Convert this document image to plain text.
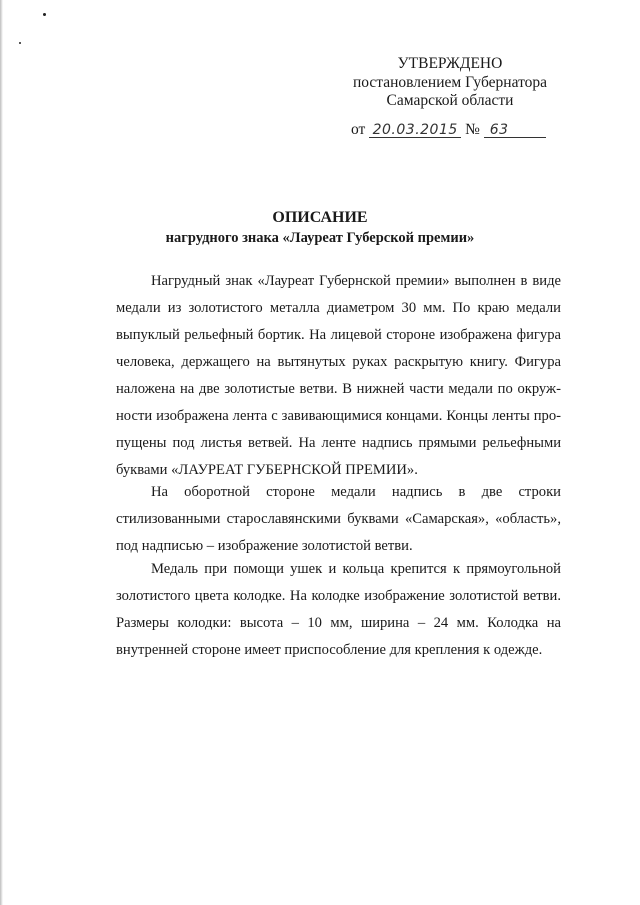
УТВЕРЖДЕНО
постановлением Губернатора
Самарской области
от 20.03.2015 № 63
ОПИСАНИЕ
нагрудного знака «Лауреат Губерской премии»

Нагрудный знак «Лауреат Губернской премии» выполнен в виде медали из золотистого металла диаметром 30 мм. По краю медали выпуклый рельефный бортик. На лицевой стороне изображена фигура человека, держащего на вытянутых руках раскрытую книгу. Фигура наложена на две золотистые ветви. В нижней части медали по окружности изображена лента с завивающимися концами. Концы ленты пропущены под листья ветвей. На ленте надпись прямыми рельефными буквами «ЛАУРЕАТ ГУБЕРНСКОЙ ПРЕМИИ».

На оборотной стороне медали надпись в две строки стилизованными старославянскими буквами «Самарская», «область», под надписью – изображение золотистой ветви.

Медаль при помощи ушек и кольца крепится к прямоугольной золотистого цвета колодке. На колодке изображение золотистой ветви. Размеры колодки: высота – 10 мм, ширина – 24 мм. Колодка на внутренней стороне имеет приспособление для крепления к одежде.
